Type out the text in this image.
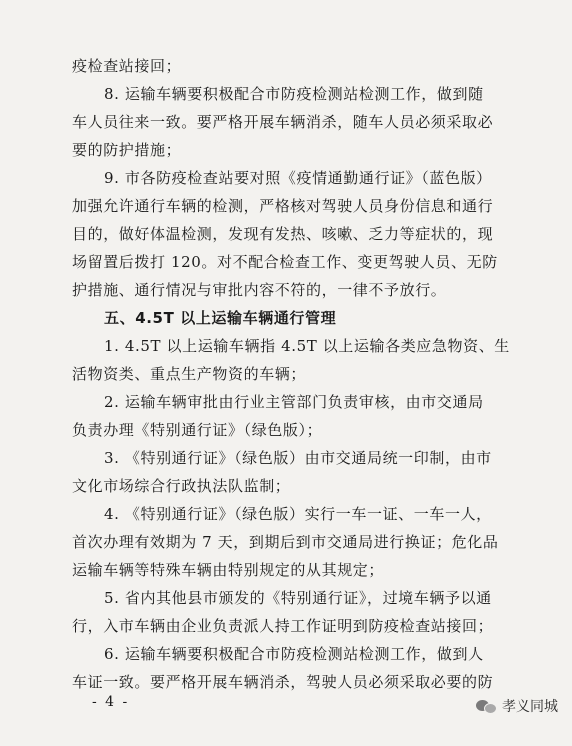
疫检查站接回；
8. 运输车辆要积极配合市防疫检测站检测工作，做到随
车人员往来一致。要严格开展车辆消杀，随车人员必须采取必
要的防护措施；
9. 市各防疫检查站要对照《疫情通勤通行证》（蓝色版）
加强允许通行车辆的检测，严格核对驾驶人员身份信息和通行
目的，做好体温检测，发现有发热、咳嗽、乏力等症状的，现
场留置后拨打 120。对不配合检查工作、变更驾驶人员、无防
护措施、通行情况与审批内容不符的，一律不予放行。
五、4.5T 以上运输车辆通行管理
1. 4.5T 以上运输车辆指 4.5T 以上运输各类应急物资、生
活物资类、重点生产物资的车辆；
2. 运输车辆审批由行业主管部门负责审核，由市交通局
负责办理《特别通行证》（绿色版）；
3. 《特别通行证》（绿色版）由市交通局统一印制，由市
文化市场综合行政执法队监制；
4. 《特别通行证》（绿色版）实行一车一证、一车一人，
首次办理有效期为 7 天，到期后到市交通局进行换证；危化品
运输车辆等特殊车辆由特别规定的从其规定；
5. 省内其他县市颁发的《特别通行证》，过境车辆予以通
行，入市车辆由企业负责派人持工作证明到防疫检查站接回；
6. 运输车辆要积极配合市防疫检测站检测工作，做到人
车证一致。要严格开展车辆消杀，驾驶人员必须采取必要的防
- 4 -	孝义同城
